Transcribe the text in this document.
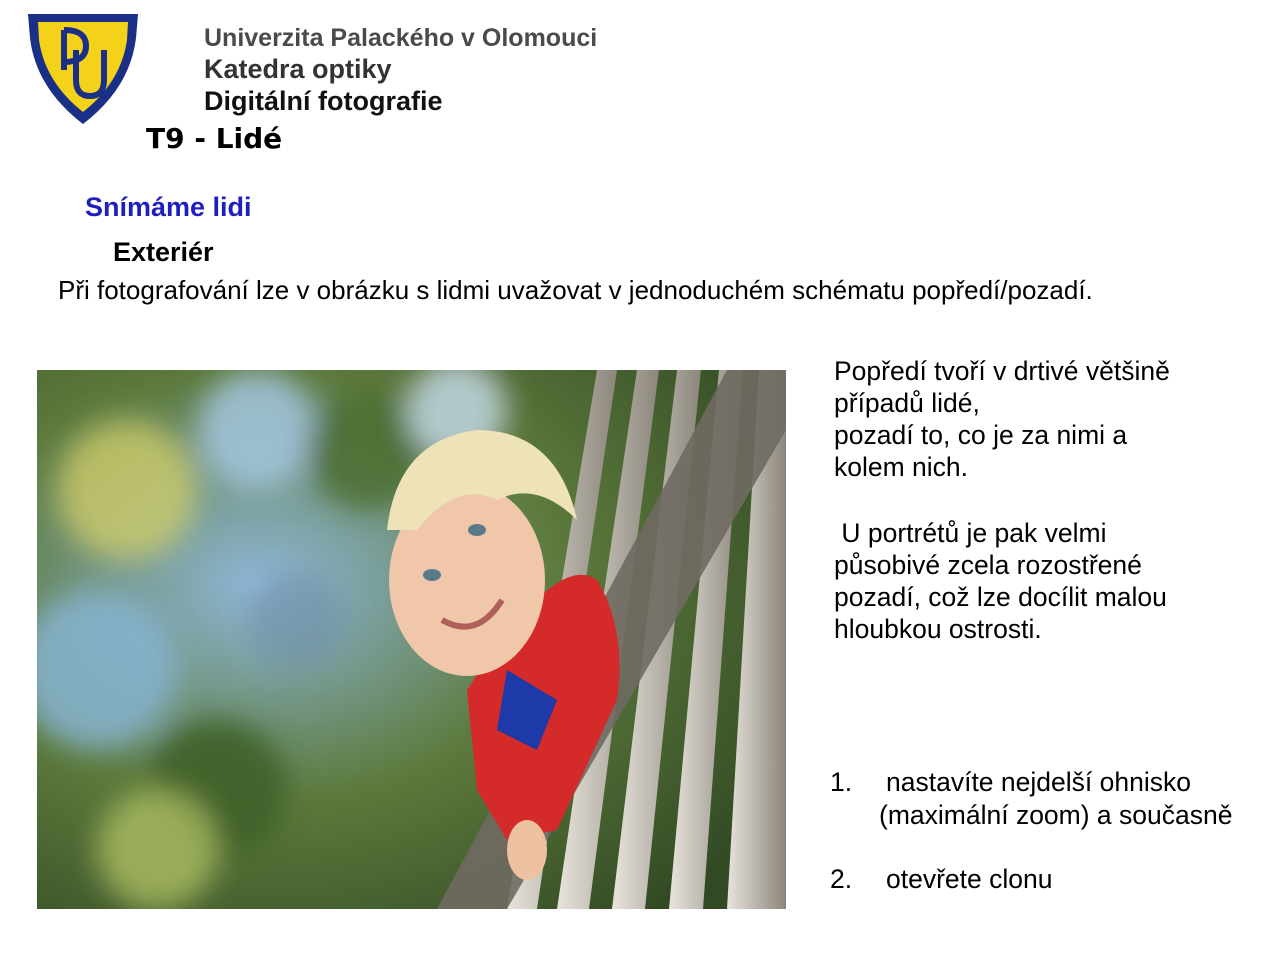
Univerzita Palackého v Olomouci
Katedra optiky
Digitální fotografie
T9 - Lidé
Snímáme lidi
Exteriér
Při fotografování lze v obrázku s lidmi uvažovat v jednoduchém schématu popředí/pozadí.
Popředí tvoří v drtivé většině
případů lidé,
pozadí to, co je za nimi a
kolem nich.
U portrétů je pak velmi
působivé zcela rozostřené
pozadí, což lze docílit malou
hloubkou ostrosti.
1. nastavíte nejdelší ohnisko
(maximální zoom) a současně
2. otevřete clonu
